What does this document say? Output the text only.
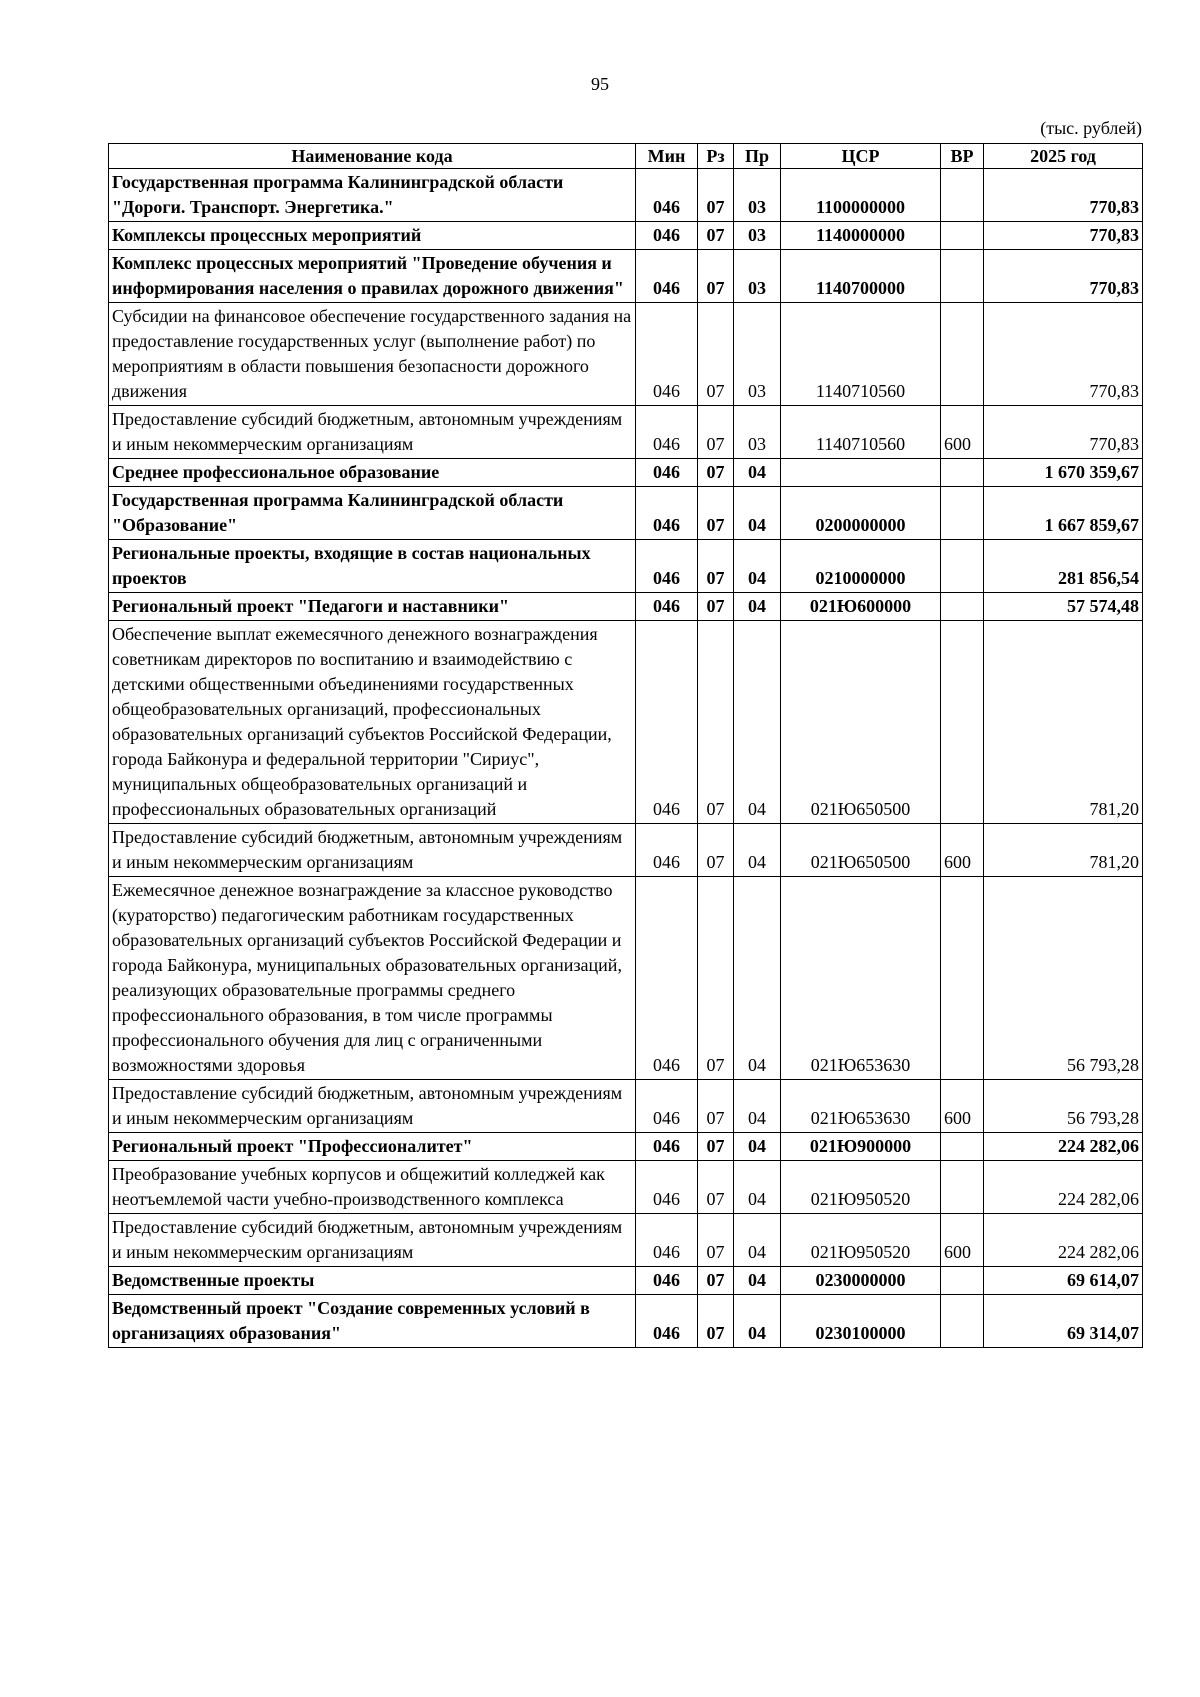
95
(тыс. рублей)
Наименование кода	Мин	Рз	Пр	ЦСР	ВР	2025 год
Государственная программа Калининградской области "Дороги. Транспорт. Энергетика."	046	07	03	1100000000		770,83
Комплексы процессных мероприятий	046	07	03	1140000000		770,83
Комплекс процессных мероприятий "Проведение обучения и информирования населения о правилах дорожного движения"	046	07	03	1140700000		770,83
Субсидии на финансовое обеспечение государственного задания на предоставление государственных услуг (выполнение работ) по мероприятиям в области повышения безопасности дорожного движения	046	07	03	1140710560		770,83
Предоставление субсидий бюджетным, автономным учреждениям и иным некоммерческим организациям	046	07	03	1140710560	600	770,83
Среднее профессиональное образование	046	07	04			1 670 359,67
Государственная программа Калининградской области "Образование"	046	07	04	0200000000		1 667 859,67
Региональные проекты, входящие в состав национальных проектов	046	07	04	0210000000		281 856,54
Региональный проект "Педагоги и наставники"	046	07	04	021Ю600000		57 574,48
Обеспечение выплат ежемесячного денежного вознаграждения советникам директоров по воспитанию и взаимодействию с детскими общественными объединениями государственных общеобразовательных организаций, профессиональных образовательных организаций субъектов Российской Федерации, города Байконура и федеральной территории "Сириус", муниципальных общеобразовательных организаций и профессиональных образовательных организаций	046	07	04	021Ю650500		781,20
Предоставление субсидий бюджетным, автономным учреждениям и иным некоммерческим организациям	046	07	04	021Ю650500	600	781,20
Ежемесячное денежное вознаграждение за классное руководство (кураторство) педагогическим работникам государственных образовательных организаций субъектов Российской Федерации и города Байконура, муниципальных образовательных организаций, реализующих образовательные программы среднего профессионального образования, в том числе программы профессионального обучения для лиц с ограниченными возможностями здоровья	046	07	04	021Ю653630		56 793,28
Предоставление субсидий бюджетным, автономным учреждениям и иным некоммерческим организациям	046	07	04	021Ю653630	600	56 793,28
Региональный проект "Профессионалитет"	046	07	04	021Ю900000		224 282,06
Преобразование учебных корпусов и общежитий колледжей как неотъемлемой части учебно-производственного комплекса	046	07	04	021Ю950520		224 282,06
Предоставление субсидий бюджетным, автономным учреждениям и иным некоммерческим организациям	046	07	04	021Ю950520	600	224 282,06
Ведомственные проекты	046	07	04	0230000000		69 614,07
Ведомственный проект "Создание современных условий в организациях образования"	046	07	04	0230100000		69 314,07
